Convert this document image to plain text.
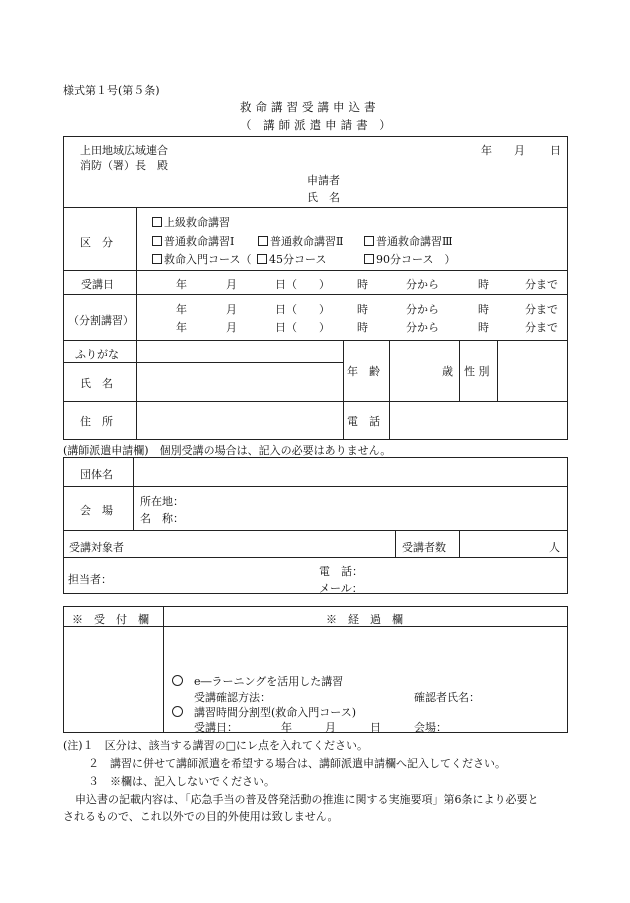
様式第１号(第５条)
救命講習受講申込書
（ 講師派遣申請書 ）
上田地域広域連合
消防（署）長　殿
年 月 日
申請者
氏　名
区　分
上級救命講習
普通救命講習Ⅰ	普通救命講習Ⅱ	普通救命講習Ⅲ
救命入門コース（	45分コース	90分コース　）
受講日	年	月	日（　　） 時	分から	時	分まで
（分割講習）
年	月	日（　　） 時	分から	時	分まで
年	月	日（　　） 時	分から	時	分まで
ふりがな
氏　名
年　齢	歳 性 別
住　所	電　話
(講師派遣申請欄)　個別受講の場合は、記入の必要はありません。
団体名
会　場
所在地：
名　称：
受講対象者	受講者数	人
担当者：
電　話：
メール：
※　受　付　欄	※　経　過　欄
　e―ラーニングを活用した講習
受講確認方法：	確認者氏名：
　講習時間分割型(救命入門コース)
受講日：	年	月	日	会場：
(注)１　区分は、該当する講習の□にレ点を入れてください。
２　講習に併せて講師派遣を希望する場合は、講師派遣申請欄へ記入してください。
３　※欄は、記入しないでください。
申込書の記載内容は、「応急手当の普及啓発活動の推進に関する実施要項」第6条により必要と
されるもので、これ以外での目的外使用は致しません。
